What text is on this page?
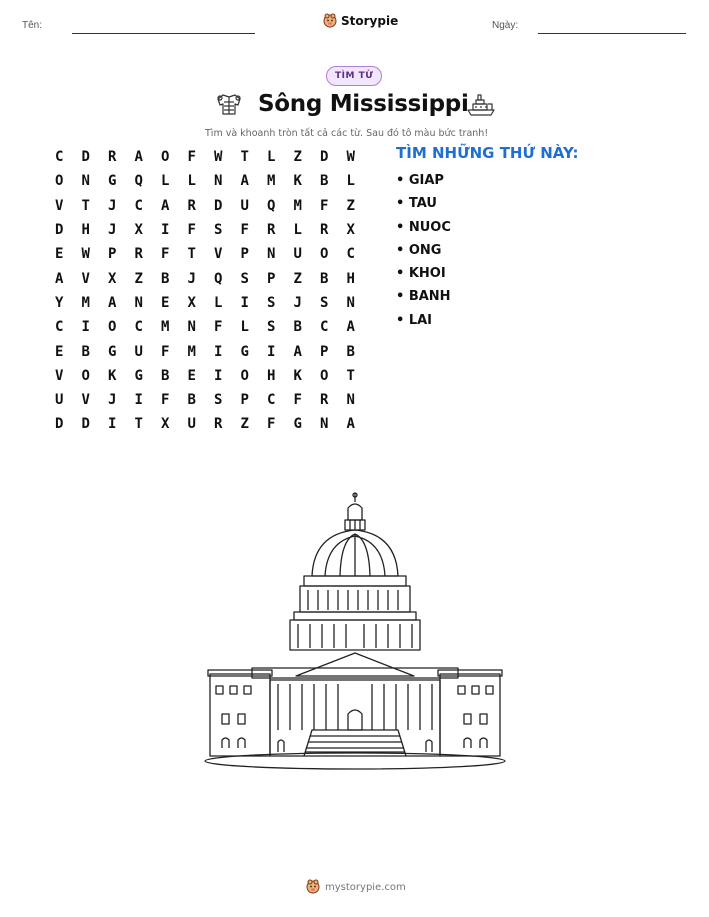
Tên:	Storypie	Ngày:
TÌM TỪ
Sông Mississippi
Tìm và khoanh tròn tất cả các từ. Sau đó tô màu bức tranh!
C	D	R	A	O	F	W	T	L	Z	D	W
O	N	G	Q	L	L	N	A	M	K	B	L
V	T	J	C	A	R	D	U	Q	M	F	Z
D	H	J	X	I	F	S	F	R	L	R	X
E	W	P	R	F	T	V	P	N	U	O	C
A	V	X	Z	B	J	Q	S	P	Z	B	H
Y	M	A	N	E	X	L	I	S	J	S	N
C	I	O	C	M	N	F	L	S	B	C	A
E	B	G	U	F	M	I	G	I	A	P	B
V	O	K	G	B	E	I	O	H	K	O	T
U	V	J	I	F	B	S	P	C	F	R	N
D	D	I	T	X	U	R	Z	F	G	N	A
TÌM NHỮNG THỨ NÀY:
• GIAP
• TAU
• NUOC
• ONG
• KHOI
• BANH
• LAI
mystorypie.com
